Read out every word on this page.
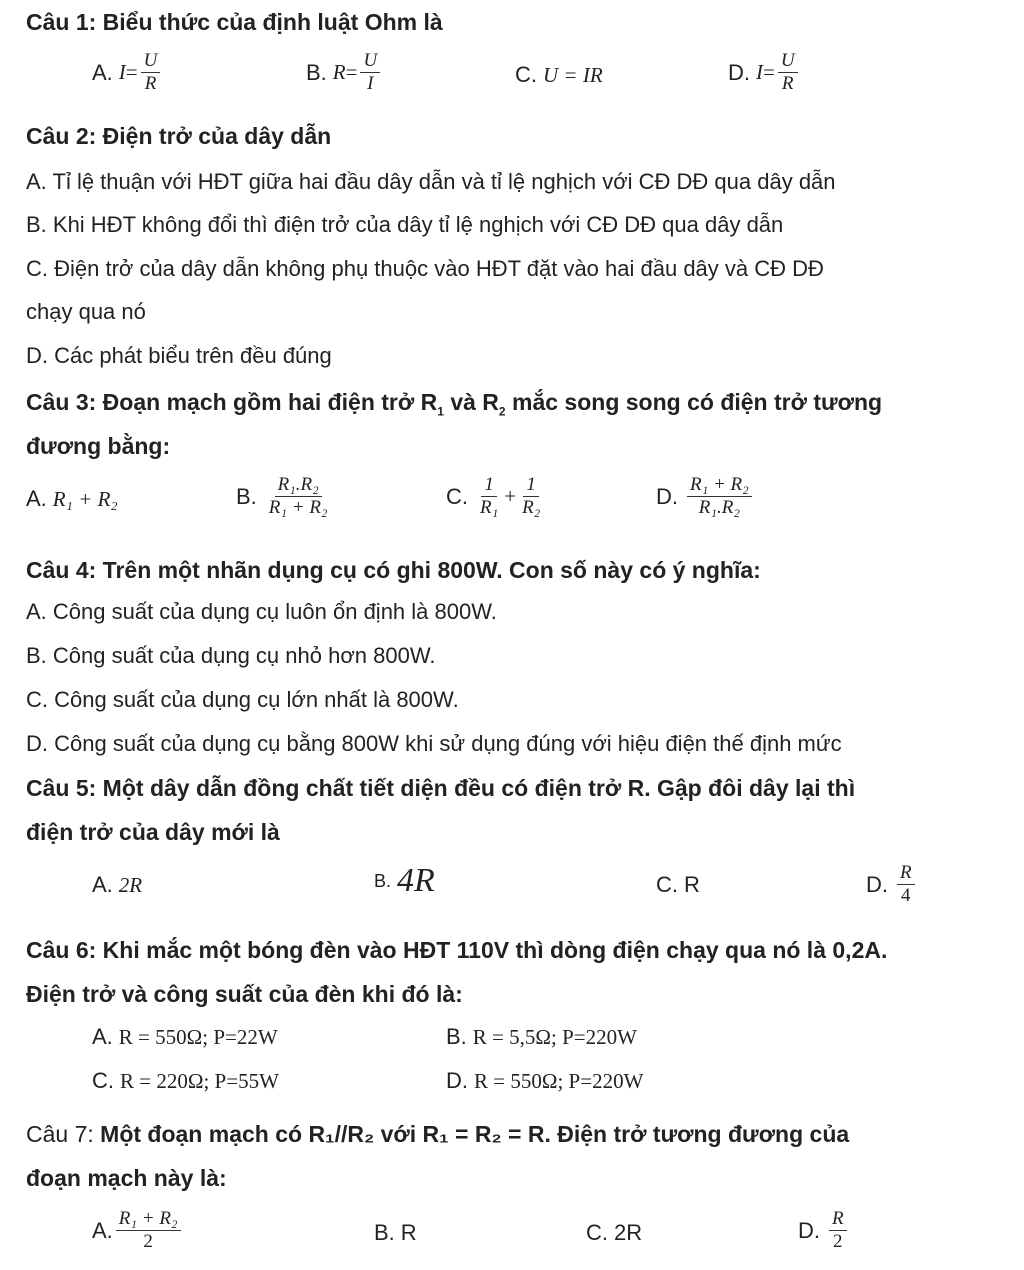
Câu 1: Biểu thức của định luật Ohm là
A. $I = \frac{U}{R}$	B. $R = \frac{U}{I}$	C. U = IR	D. $I = \frac{U}{R}$
Câu 2: Điện trở của dây dẫn
A. Tỉ lệ thuận với HĐT giữa hai đầu dây dẫn và tỉ lệ nghịch với CĐ DĐ qua dây dẫn
B. Khi HĐT không đổi thì điện trở của dây tỉ lệ nghịch với CĐ DĐ qua dây dẫn
C. Điện trở của dây dẫn không phụ thuộc vào HĐT đặt vào hai đầu dây và CĐ DĐ
chạy qua nó
D. Các phát biểu trên đều đúng
Câu 3: Đoạn mạch gồm hai điện trở $R_1$ và $R_2$ mắc song song có điện trở tương
đương bằng:
A. R₁ + R₂	B. $\frac{\text{R₁.R₂}}{\text{R₁ + R₂}}$	C. $\frac{1}{\text{R₁}} + \frac{1}{\text{R₂}}$	D. $\frac{\text{R₁ + R₂}}{\text{R₁.R₂}}$
Câu 4: Trên một nhãn dụng cụ có ghi 800W. Con số này có ý nghĩa:
A. Công suất của dụng cụ luôn ổn định là 800W.
B. Công suất của dụng cụ nhỏ hơn 800W.
C. Công suất của dụng cụ lớn nhất là 800W.
D. Công suất của dụng cụ bằng 800W khi sử dụng đúng với hiệu điện thế định mức
Câu 5: Một dây dẫn đồng chất tiết diện đều có điện trở R. Gập đôi dây lại thì
điện trở của dây mới là
A. 2R	B. 4R	C. R	D. $\frac{R}{4}$
Câu 6: Khi mắc một bóng đèn vào HĐT 110V thì dòng điện chạy qua nó là 0,2A.
Điện trở và công suất của đèn khi đó là:
A. R = 550Ω; P=22W	B. R = 5,5Ω; P=220W
C. R = 220Ω; P=55W	D. R = 550Ω; P=220W
Câu 7: Một đoạn mạch có R₁//R₂ với R₁ = R₂ = R. Điện trở tương đương của
đoạn mạch này là:
A. $\frac{\text{R₁ + R₂}}{2}$	B. R	C. 2R	D. $\frac{R}{2}$
